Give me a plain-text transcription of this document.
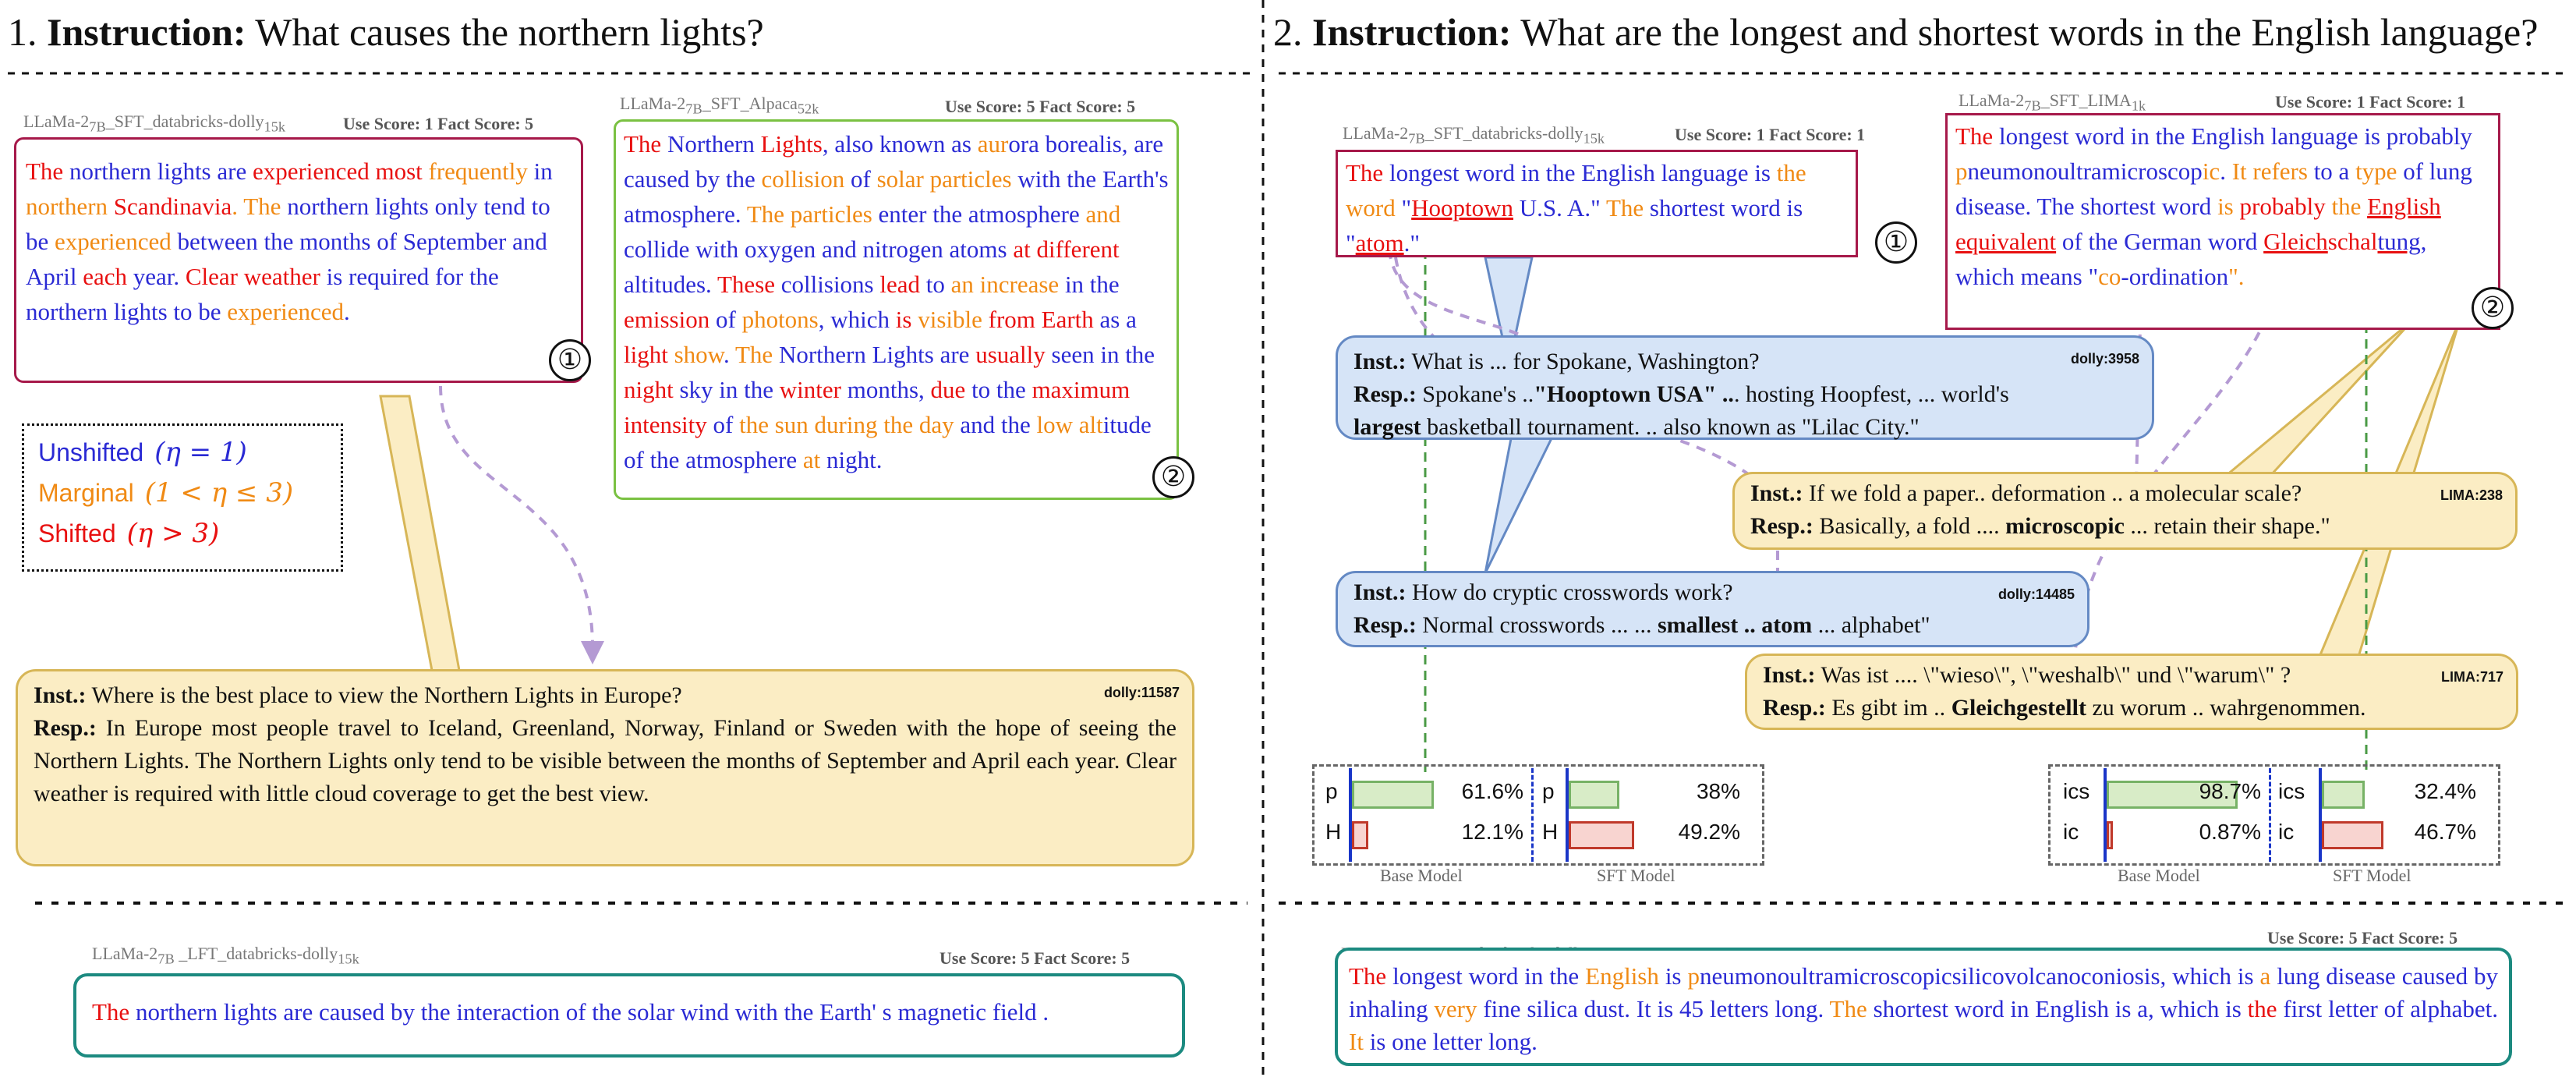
1. Instruction: What causes the northern lights?
LLaMa-$2_{7B}\_SFT\_databricks-dolly_{15k}$	Use Score: 1 Fact Score: 5
The northern lights are experienced most frequently in northern Scandinavia. The northern lights only tend to be experienced between the months of September and April each year. Clear weather is required for the northern lights to be experienced.
①
LLaMa-$2_{7B}\_SFT\_Alpaca_{52k}$	Use Score: 5 Fact Score: 5
The Northern Lights, also known as aurora borealis, are caused by the collision of solar particles with the Earth's atmosphere. The particles enter the atmosphere and collide with oxygen and nitrogen atoms at different altitudes. These collisions lead to an increase in the emission of photons, which is visible from Earth as a light show. The Northern Lights are usually seen in the night sky in the winter months, due to the maximum intensity of the sun during the day and the low altitude of the atmosphere at night.
②
Unshifted (η = 1)
Marginal (1 < η ≤ 3)
Shifted (η > 3)
dolly:11587
Inst.: Where is the best place to view the Northern Lights in Europe?
Resp.: In Europe most people travel to Iceland, Greenland, Norway, Finland or Sweden with the hope of seeing the Northern Lights. The Northern Lights only tend to be visible between the months of September and April each year. Clear weather is required with little cloud coverage to get the best view.
LLaMa-$2_{7B}$ _LFT_databricks-dolly$_{15k}$	Use Score: 5 Fact Score: 5
The northern lights are caused by the interaction of the solar wind with the Earth' s magnetic field .
2. Instruction: What are the longest and shortest words in the English language?
LLaMa-$2_{7B}\_SFT\_databricks-dolly_{15k}$	Use Score: 1 Fact Score: 1
The longest word in the English language is the word "Hooptown U.S. A." The shortest word is "atom."	①
LLaMa-$2_{7B}\_SFT\_LIMA_{1k}$	Use Score: 1 Fact Score: 1
The longest word in the English language is probably pneumonoultramicroscopic. It refers to a type of lung disease. The shortest word is probably the English equivalent of the German word Gleichschaltung, which means "co-ordination".
②
dolly:3958
Inst.: What is ... for Spokane, Washington?
Resp.: Spokane's .."Hooptown USA" ... hosting Hoopfest, ... world's
largest basketball tournament. .. also known as "Lilac City."
LIMA:238
Inst.: If we fold a paper.. deformation .. a molecular scale?
Resp.: Basically, a fold .... microscopic ... retain their shape."
dolly:14485
Inst.: How do cryptic crosswords work?
Resp.: Normal crosswords ... ... smallest .. atom ... alphabet"
LIMA:717
Inst.: Was ist .... \"wieso\", \"weshalb\" und \"warum\" ?
Resp.: Es gibt im .. Gleichgestellt zu worum .. wahrgenommen.
p	61.6%
H	12.1%
Base Model
p	38%
H	49.2%
SFT Model
ics	98.7%
ic	0.87%
Base Model
ics	32.4%
ic	46.7%
SFT Model
Use Score: 5 Fact Score: 5
The longest word in the English is pneumonoultramicroscopicsilicovolcanoconiosis, which is a lung disease caused by inhaling very fine silica dust. It is 45 letters long. The shortest word in English is a, which is the first letter of alphabet. It is one letter long.
